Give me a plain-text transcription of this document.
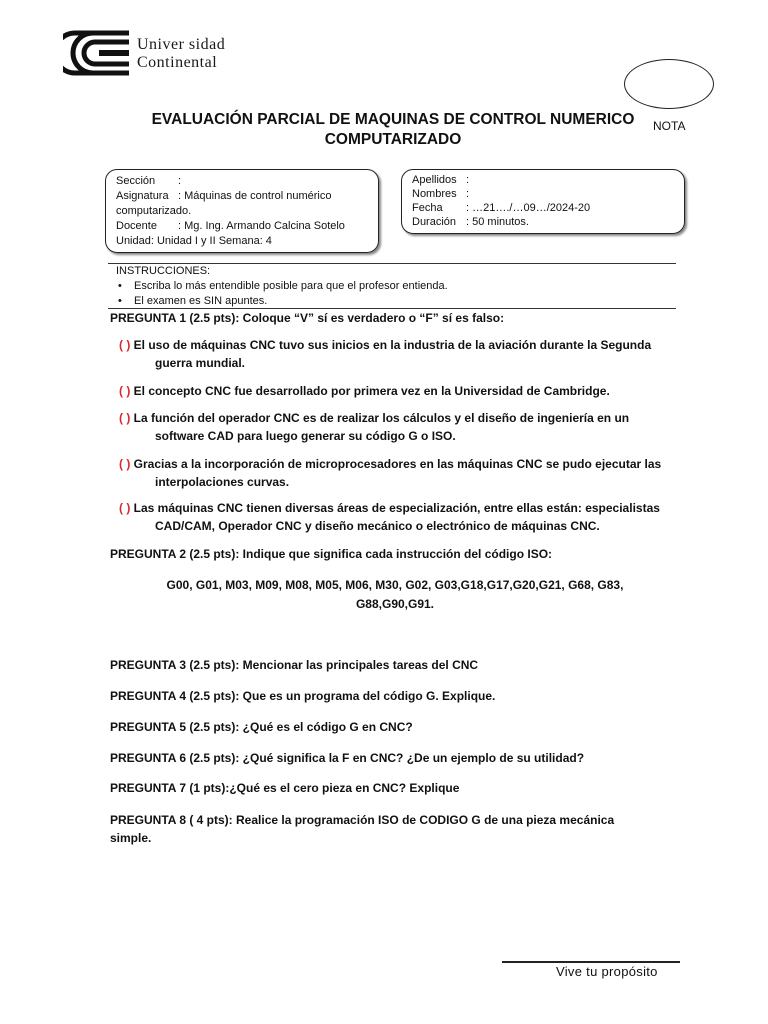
Univer sidad
Continental
NOTA
EVALUACIÓN PARCIAL DE MAQUINAS DE CONTROL NUMERICO
COMPUTARIZADO
Sección	:
Asignatura : Máquinas de control numérico
computarizado.
Docente	: Mg. Ing. Armando Calcina Sotelo
Unidad: Unidad I y II Semana: 4
Apellidos :
Nombres :
Fecha	: …21…./…09…/2024-20
Duración : 50 minutos.
INSTRUCCIONES:
• Escriba lo más entendible posible para que el profesor entienda.
• El examen es SIN apuntes.
PREGUNTA 1 (2.5 pts): Coloque “V” sí es verdadero o “F” sí es falso:
( ) El uso de máquinas CNC tuvo sus inicios en la industria de la aviación durante la Segunda
guerra mundial.
( ) El concepto CNC fue desarrollado por primera vez en la Universidad de Cambridge.
( ) La función del operador CNC es de realizar los cálculos y el diseño de ingeniería en un
software CAD para luego generar su código G o ISO.
( ) Gracias a la incorporación de microprocesadores en las máquinas CNC se pudo ejecutar las
interpolaciones curvas.
( ) Las máquinas CNC tienen diversas áreas de especialización, entre ellas están: especialistas
CAD/CAM, Operador CNC y diseño mecánico o electrónico de máquinas CNC.
PREGUNTA 2 (2.5 pts): Indique que significa cada instrucción del código ISO:
G00, G01, M03, M09, M08, M05, M06, M30, G02, G03,G18,G17,G20,G21, G68, G83,
G88,G90,G91.
PREGUNTA 3 (2.5 pts): Mencionar las principales tareas del CNC
PREGUNTA 4 (2.5 pts): Que es un programa del código G. Explique.
PREGUNTA 5 (2.5 pts): ¿Qué es el código G en CNC?
PREGUNTA 6 (2.5 pts): ¿Qué significa la F en CNC? ¿De un ejemplo de su utilidad?
PREGUNTA 7 (1 pts):¿Qué es el cero pieza en CNC? Explique
PREGUNTA 8 ( 4 pts): Realice la programación ISO de CODIGO G de una pieza mecánica
simple.
Vive tu propósito
